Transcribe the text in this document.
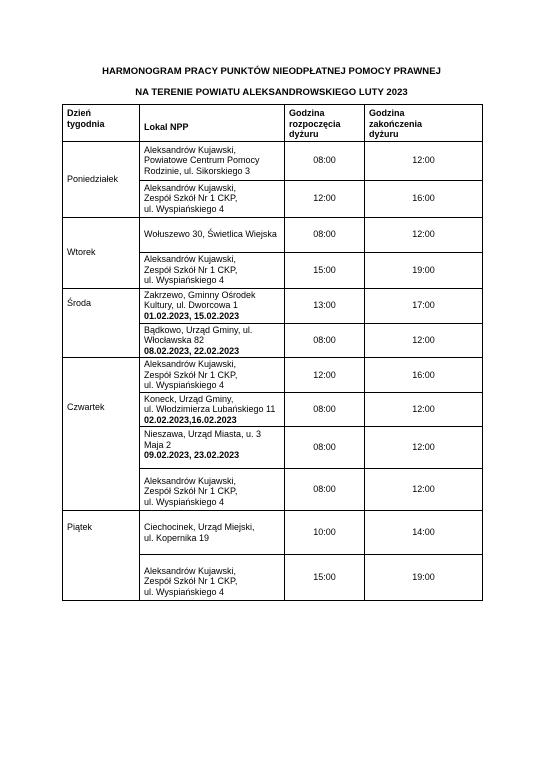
HARMONOGRAM PRACY PUNKTÓW NIEODPŁATNEJ POMOCY PRAWNEJ
NA TERENIE POWIATU ALEKSANDROWSKIEGO LUTY 2023
Dzień
tygodnia	Lokal NPP	Godzina
rozpoczęcia
dyżuru	Godzina
zakończenia
dyżuru

Poniedziałek	Aleksandrów Kujawski,
Powiatowe Centrum Pomocy
Rodzinie, ul. Sikorskiego 3	08:00	12:00

	Aleksandrów Kujawski,
Zespół Szkół Nr 1 CKP,
ul. Wyspiańskiego 4	12:00	16:00
Wtorek	Wołuszewo 30, Świetlica Wiejska	08:00	12:00

	Aleksandrów Kujawski,
Zespół Szkół Nr 1 CKP,
ul. Wyspiańskiego 4	15:00	19:00
Środa	Zakrzewo, Gminny Ośrodek
Kultury, ul. Dworcowa 1
01.02.2023, 15.02.2023	13:00	17:00

	Bądkowo, Urząd Gminy, ul.
Włocławska 82
08.02.2023, 22.02.2023	08:00	12:00
Czwartek	Aleksandrów Kujawski,
Zespół Szkół Nr 1 CKP,
ul. Wyspiańskiego 4	12:00	16:00

	Koneck, Urząd Gminy,
ul. Włodzimierza Lubańskiego 11
02.02.2023,16.02.2023	08:00	12:00

	Nieszawa, Urząd Miasta, u. 3
Maja 2
09.02.2023, 23.02.2023	08:00	12:00

	Aleksandrów Kujawski,
Zespół Szkół Nr 1 CKP,
ul. Wyspiańskiego 4	08:00	12:00
Piątek	Ciechocinek, Urząd Miejski,
ul. Kopernika 19	10:00	14:00

	Aleksandrów Kujawski,
Zespół Szkół Nr 1 CKP,
ul. Wyspiańskiego 4	15:00	19:00
